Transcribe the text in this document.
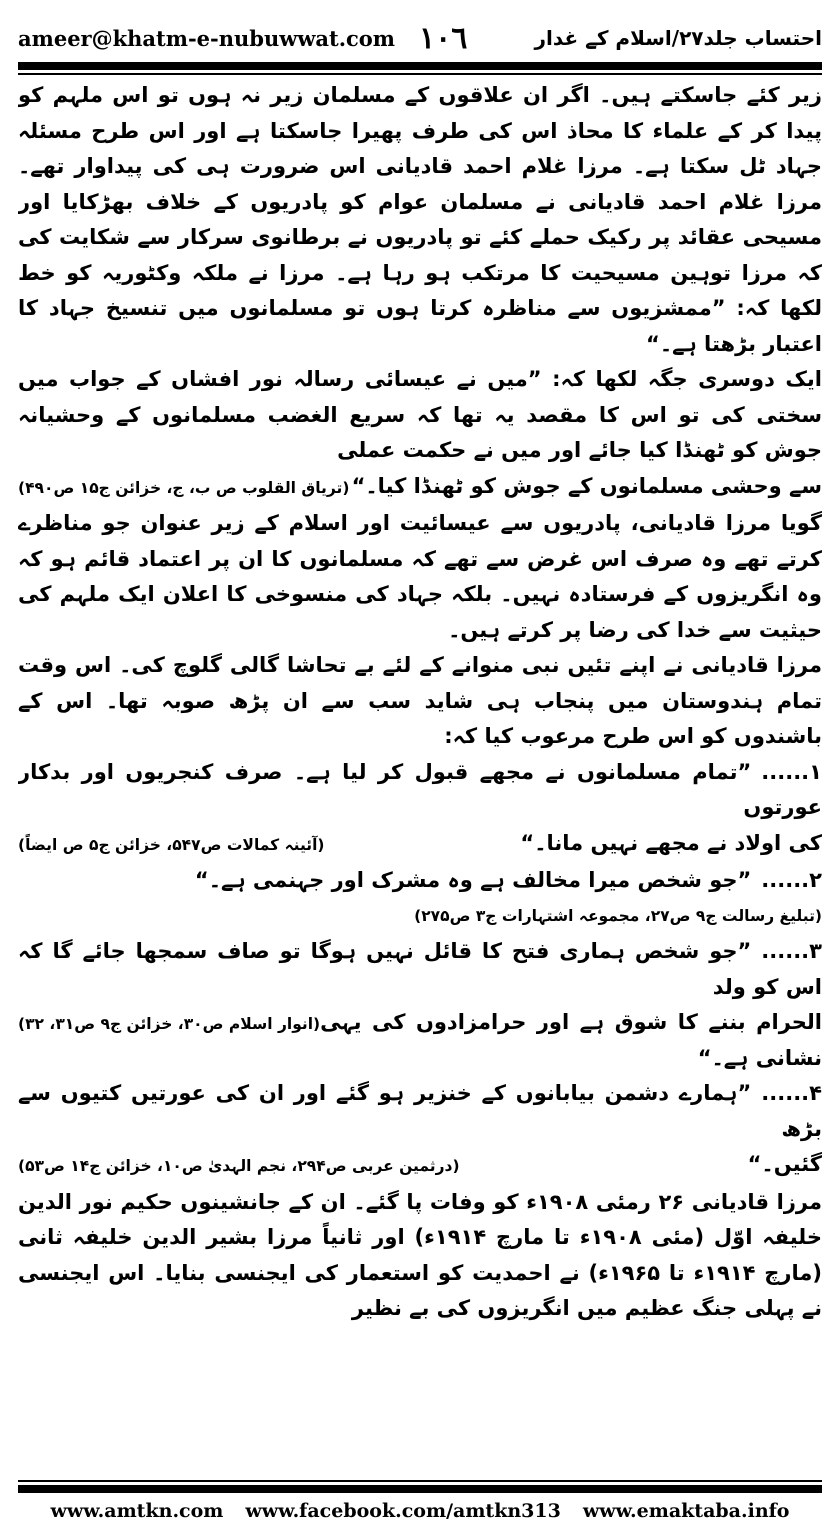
ameer@khatm-e-nubuwwat.com ١٠٦	احتساب جلد۲۷/اسلام کے غدار

زیر کئے جاسکتے ہیں۔ اگر ان علاقوں کے مسلمان زیر نہ ہوں تو اس ملہم کو پیدا کر کے علماء کا محاذ اس کی طرف پھیرا جاسکتا ہے اور اس طرح مسئلہ جہاد ٹل سکتا ہے۔ مرزا غلام احمد قادیانی اس ضرورت ہی کی پیداوار تھے۔ مرزا غلام احمد قادیانی نے مسلمان عوام کو پادریوں کے خلاف بھڑکایا اور مسیحی عقائد پر رکیک حملے کئے تو پادریوں نے برطانوی سرکار سے شکایت کی کہ مرزا توہین مسیحیت کا مرتکب ہو رہا ہے۔ مرزا نے ملکہ وکٹوریہ کو خط لکھا کہ: ”ممشزیوں سے مناظرہ کرتا ہوں تو مسلمانوں میں تنسیخ جہاد کا اعتبار بڑھتا ہے۔“

ایک دوسری جگہ لکھا کہ: ”میں نے عیسائی رسالہ نور افشاں کے جواب میں سختی کی تو اس کا مقصد یہ تھا کہ سریع الغضب مسلمانوں کے وحشیانہ جوش کو ٹھنڈا کیا جائے اور میں نے حکمت عملی

سے وحشی مسلمانوں کے جوش کو ٹھنڈا کیا۔“
(تریاق القلوب ص ب، ج، خزائن ج۱۵ ص۴۹۰)

گویا مرزا قادیانی، پادریوں سے عیسائیت اور اسلام کے زیر عنوان جو مناظرے کرتے تھے وہ صرف اس غرض سے تھے کہ مسلمانوں کا ان پر اعتماد قائم ہو کہ وہ انگریزوں کے فرستادہ نہیں۔ بلکہ جہاد کی منسوخی کا اعلان ایک ملہم کی حیثیت سے خدا کی رضا پر کرتے ہیں۔

مرزا قادیانی نے اپنے تئیں نبی منوانے کے لئے بے تحاشا گالی گلوچ کی۔ اس وقت تمام ہندوستان میں پنجاب ہی شاید سب سے ان پڑھ صوبہ تھا۔ اس کے باشندوں کو اس طرح مرعوب کیا کہ:

۱......”تمام مسلمانوں نے مجھے قبول کر لیا ہے۔ صرف کنجریوں اور بدکار عورتوں

کی اولاد نے مجھے نہیں مانا۔“
(آئینہ کمالات ص۵۴۷، خزائن ج۵ ص ایضاً)

۲......”جو شخص میرا مخالف ہے وہ مشرک اور جہنمی ہے۔“

(تبلیغ رسالت ج۹ ص۲۷، مجموعہ اشتہارات ج۳ ص۲۷۵)

۳......”جو شخص ہماری فتح کا قائل نہیں ہوگا تو صاف سمجھا جائے گا کہ اس کو ولد

الحرام بننے کا شوق ہے اور حرامزادوں کی یہی نشانی ہے۔“
(انوار اسلام ص۳۰، خزائن ج۹ ص۳۱، ۳۲)

۴......”ہمارے دشمن بیابانوں کے خنزیر ہو گئے اور ان کی عورتیں کتیوں سے بڑھ

گئیں۔“
(درثمین عربی ص۲۹۴، نجم الہدیٰ ص۱۰، خزائن ج۱۴ ص۵۳)

مرزا قادیانی ۲۶ رمئی ۱۹۰۸ء کو وفات پا گئے۔ ان کے جانشینوں حکیم نور الدین خلیفہ اوّل (مئی ۱۹۰۸ء تا مارچ ۱۹۱۴ء) اور ثانیاً مرزا بشیر الدین خلیفہ ثانی (مارچ ۱۹۱۴ء تا ۱۹۶۵ء) نے احمدیت کو استعمار کی ایجنسی بنایا۔ اس ایجنسی نے پہلی جنگ عظیم میں انگریزوں کی بے نظیر

www.amtkn.com www.facebook.com/amtkn313 www.emaktaba.info
